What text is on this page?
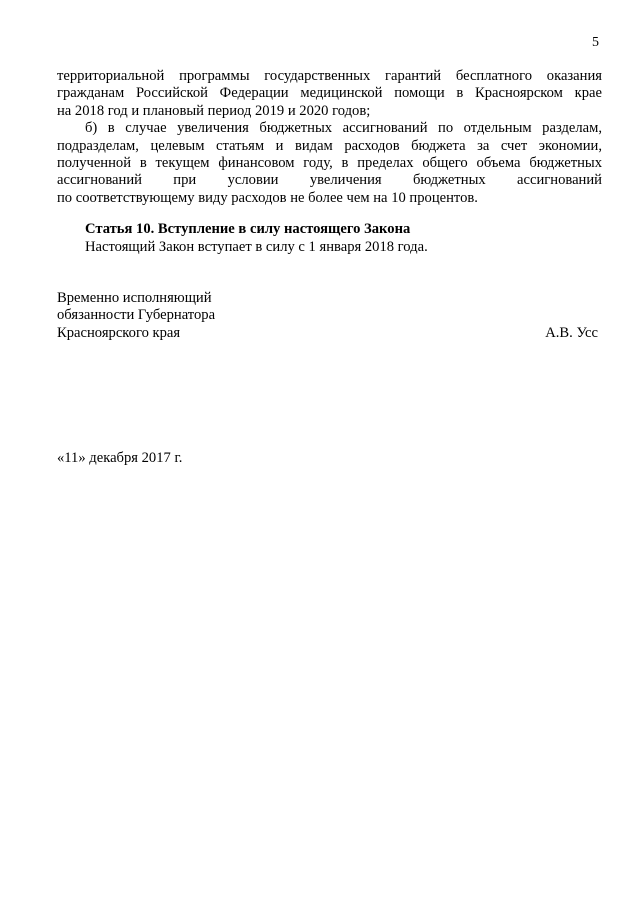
5
территориальной программы государственных гарантий бесплатного оказания
гражданам Российской Федерации медицинской помощи в Красноярском крае
на 2018 год и плановый период 2019 и 2020 годов;
б) в случае увеличения бюджетных ассигнований по отдельным разделам,
подразделам, целевым статьям и видам расходов бюджета за счет экономии,
полученной в текущем финансовом году, в пределах общего объема бюджетных
ассигнований при условии увеличения бюджетных ассигнований
по соответствующему виду расходов не более чем на 10 процентов.
Статья 10. Вступление в силу настоящего Закона
Настоящий Закон вступает в силу с 1 января 2018 года.
Временно исполняющий
обязанности Губернатора
Красноярского края	А.В. Усс
«11» декабря 2017 г.
